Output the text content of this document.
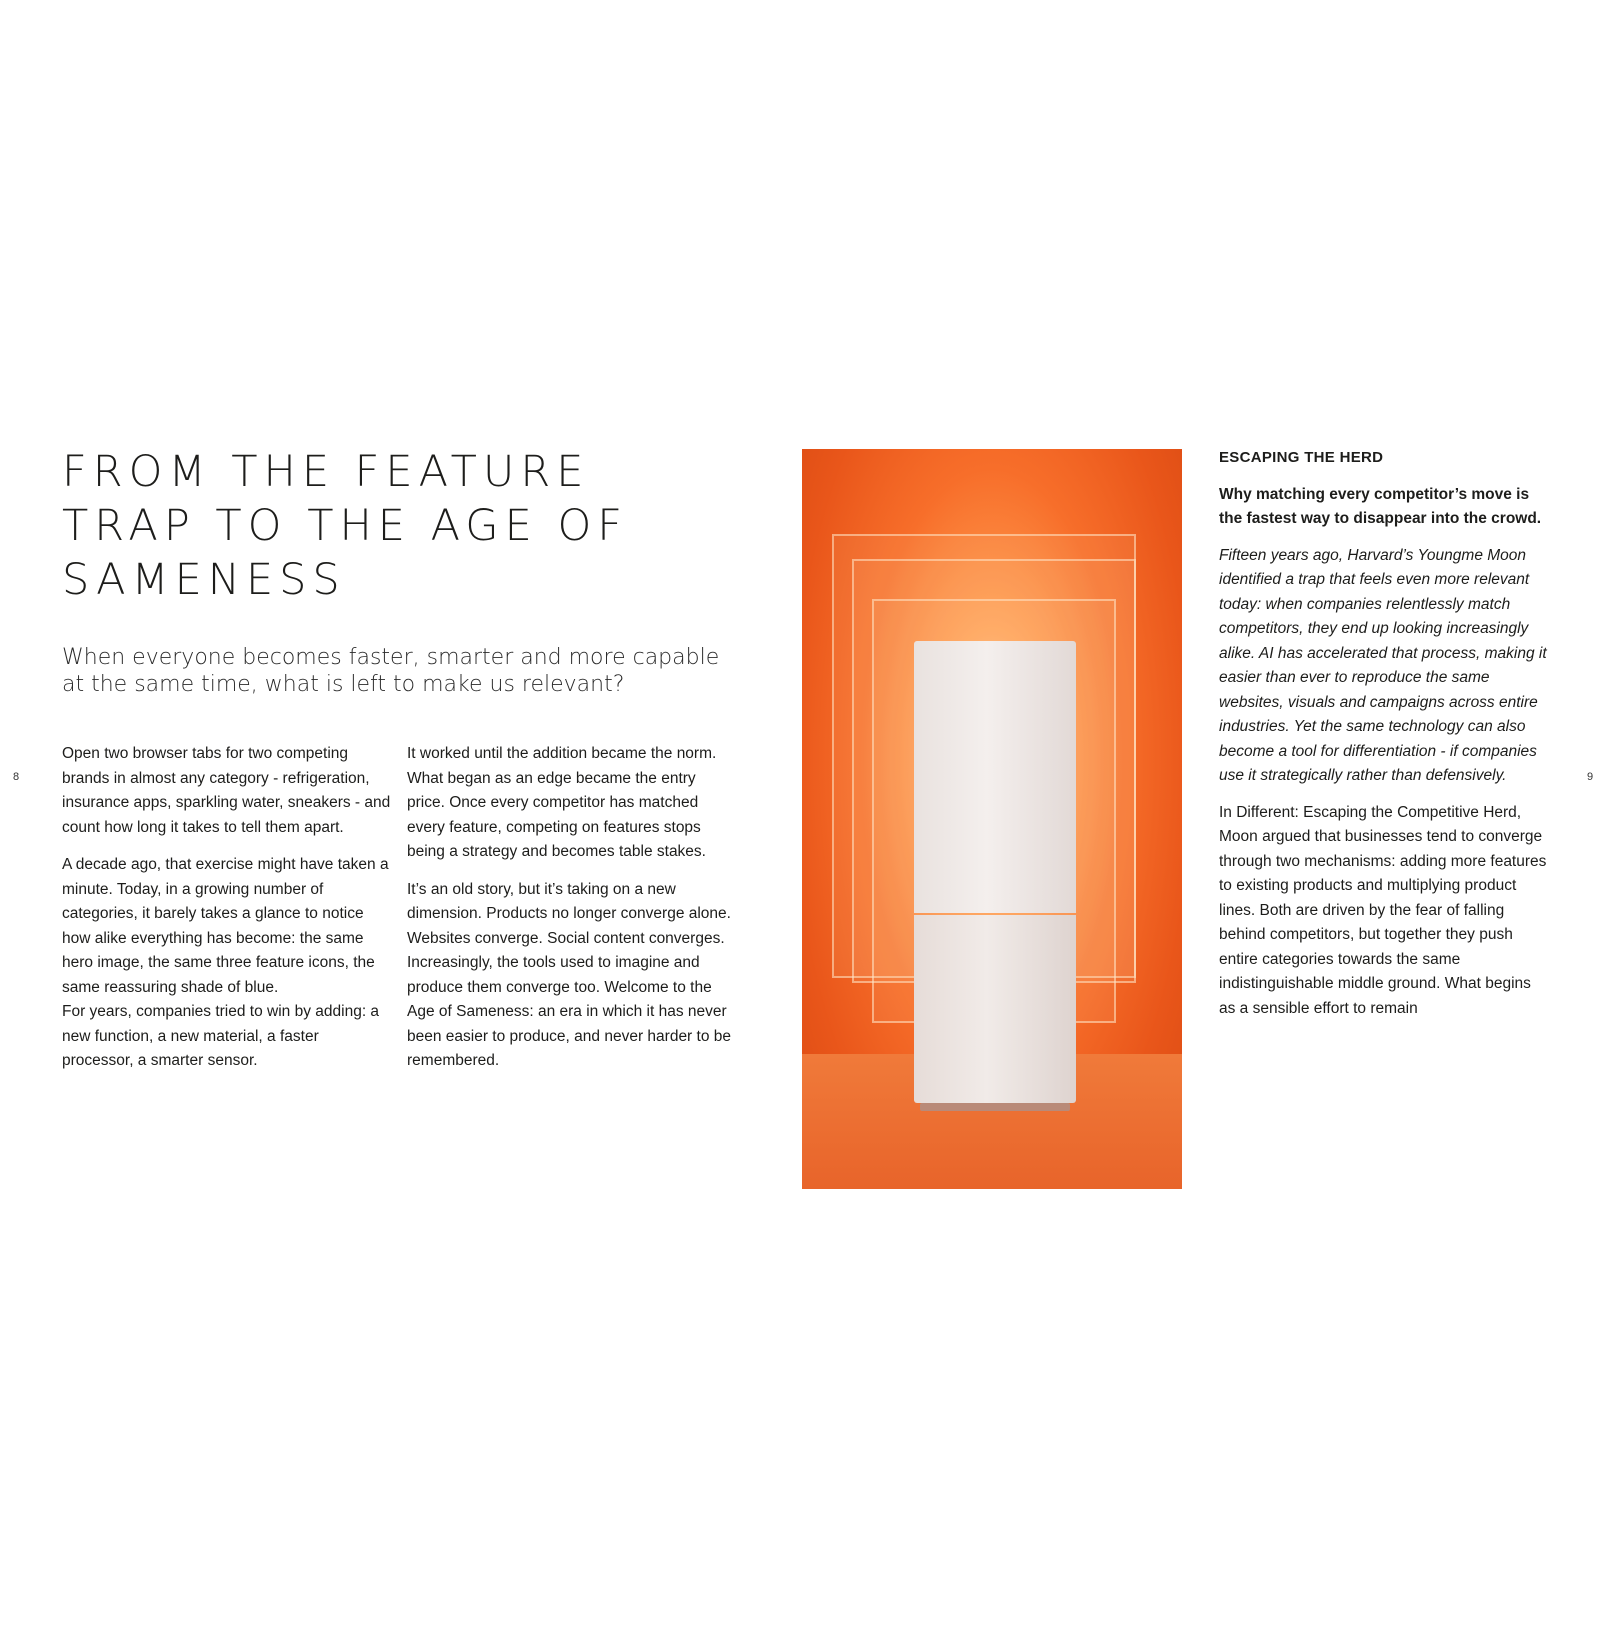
8	9
FROM THE FEATURE TRAP TO THE AGE OF SAMENESS
When everyone becomes faster, smarter and more capable at the same time, what is left to make us relevant?

Open two browser tabs for two competing brands in almost any category - refrigeration, insurance apps, sparkling water, sneakers - and count how long it takes to tell them apart.

A decade ago, that exercise might have taken a minute. Today, in a growing number of categories, it barely takes a glance to notice how alike everything has become: the same hero image, the same three feature icons, the same reassuring shade of blue.

For years, companies tried to win by adding: a new function, a new material, a faster processor, a smarter sensor.

It worked until the addition became the norm. What began as an edge became the entry price. Once every competitor has matched every feature, competing on features stops being a strategy and becomes table stakes.

It’s an old story, but it’s taking on a new dimension. Products no longer converge alone. Websites converge. Social content converges. Increasingly, the tools used to imagine and produce them converge too. Welcome to the Age of Sameness: an era in which it has never been easier to produce, and never harder to be remembered.

ESCAPING THE HERD

Why matching every competitor’s move is the fastest way to disappear into the crowd.

Fifteen years ago, Harvard’s Youngme Moon identified a trap that feels even more relevant today: when companies relentlessly match competitors, they end up looking increasingly alike. AI has accelerated that process, making it easier than ever to reproduce the same websites, visuals and campaigns across entire industries. Yet the same technology can also become a tool for differentiation - if companies use it strategically rather than defensively.

In Different: Escaping the Competitive Herd, Moon argued that businesses tend to converge through two mechanisms: adding more features to existing products and multiplying product lines. Both are driven by the fear of falling behind competitors, but together they push entire categories towards the same indistinguishable middle ground. What begins as a sensible effort to remain
